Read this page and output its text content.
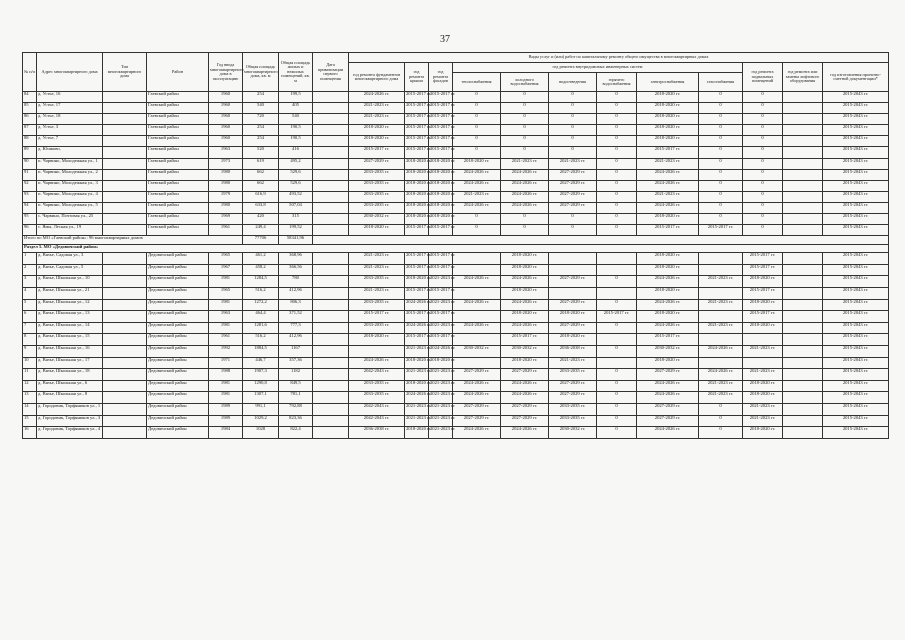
37
№ п/п	Адрес многоквартирного дома	Тип многоквартирного дома	Район	Год ввода многоквартирного дома в эксплуатацию	Общая площадь многоквартирного дома, кв. м	Общая площадь жилых и нежилых помещений, кв. м	Дата приватизации первого помещения	Виды услуг и (или) работ по капитальному ремонту общего имущества в многоквартирных домах											
								год ремонта фундаментов многоквартирного дома	год ремонта крыши	год ремонта фасадов	год ремонта внутридомовых инженерных систем						год ремонта подвальных помещений	год ремонта или замены лифтового оборудования	год изготовления проектно-сметной документации*
											теплоснабжения	холодного водоснабжения	водоотведения	горячего водоснабжения	электроснабжения	газоснабжения			
84	д. Устье, 16		Гаевский район	1960	254	199,5		2024-2026 гг.	2015-2017 гг.	2015-2017 гг.	0	0	0	0	2018-2020 гг.	0	0		2015-2043 гг.
85	д. Устье, 17		Гаевский район	1960	540	405		2021-2023 гг.	2015-2017 гг.	2015-2017 гг.	0	0	0	0	2018-2020 гг.	0	0		2015-2043 гг.
86	д. Устье, 18		Гаевский район	1960	720	540		2021-2023 гг.	2015-2017 гг.	2015-2017 гг.	0	0	0	0	2018-2020 гг.	0	0		2015-2043 гг.
87	д. Устье, 3		Гаевский район	1960	254	190,5		2018-2020 гг.	2015-2017 гг.	2015-2017 гг.	0	0	0	0	2018-2020 гг.	0	0		2015-2043 гг.
88	д. Устье, 7		Гаевский район	1960	254	190,5		2018-2020 гг.	2015-2017 гг.	2015-2017 гг.	0	0	0	0	2018-2020 гг.	0	0		2015-2043 гг.
89	д. Юшково,		Гаевский район	1963	520	416		2015-2017 гг.	2015-2017 гг.	2015-2017 гг.	0	0	0	0	2015-2017 гг.	0	0		2015-2043 гг.
90	п. Чарвино, Молодежная ул., 1		Гаевский район	1973	619	495,2		2027-2029 гг.	2018-2020 гг.	2018-2020 гг.	2018-2020 гг.	2021-2023 гг.	2021-2023 гг.	0	2021-2023 гг.	0	0		2015-2043 гг.
91	п. Чарвино, Молодежная ул., 2		Гаевский район	1980	662	529,6		2033-2035 гг.	2018-2020 гг.	2018-2020 гг.	2024-2026 гг.	2024-2026 гг.	2027-2029 гг.	0	2024-2026 гг.	0	0		2015-2043 гг.
92	п. Чарвино, Молодежная ул., 3		Гаевский район	1980	662	529,6		2033-2035 гг.	2018-2020 гг.	2018-2020 гг.	2024-2026 гг.	2024-2026 гг.	2027-2029 гг.	0	2024-2026 гг.	0	0		2015-2043 гг.
93	п. Чарвино, Молодежная ул., 4		Гаевский район	1979	616,9	493,52		2033-2035 гг.	2018-2020 гг.	2018-2020 гг.	2021-2023 гг.	2024-2026 гг.	2027-2029 гг.	0	2021-2023 гг.	0	0		2015-2043 гг.
94	п. Чарвино, Молодежная ул., 5		Гаевский район	1980	633,8	507,04		2033-2035 гг.	2018-2020 гг.	2018-2020 гг.	2024-2026 гг.	2024-2026 гг.	2027-2029 гг.	0	2024-2026 гг.	0	0		2015-2043 гг.
95	с. Чарвино, Почтовая ул., 25		Гаевский район	1969	420	315		2030-2032 гг.	2018-2020 гг.	2018-2020 гг.	0	0	0	0	2018-2020 гг.	0	0		2015-2043 гг.
96	с. Ямы, Лесная ул., 19		Гаевский район	1961	249,4	199,52		2018-2020 гг.	2015-2017 гг.	2015-2017 гг.	0	0	0	0	2015-2017 гг.	2015-2017 гг.	0		2015-2043 гг.
Итого по МО «Гаевский район»: 96 многоквартирных домов					77706	58341,96													
Раздел 5. МО «Дедовичский район»																			
1	д. Вязье, Садовая ул., 3		Дедовичский район	1965	461,2	368,96		2021-2023 гг.	2015-2017 гг.	2015-2017 гг.		2018-2020 гг.			2018-2020 гг.		2015-2017 гг.		2015-2043 гг.
2	д. Вязье, Садовая ул., 5		Дедовичский район	1967	458,2	366,56		2021-2023 гг.	2015-2017 гг.	2015-2017 гг.		2018-2020 гг.			2018-2020 гг.		2015-2017 гг.		2015-2043 гг.
3	д. Вязье, Школьная ул., 10		Дедовичский район	1981	1284,5	780		2033-2035 гг.	2018-2020 гг.	2021-2023 гг.	2024-2026 гг.	2024-2026 гг.	2027-2029 гг.	0	2024-2026 гг.	2021-2023 гг.	2018-2020 гг.		2015-2043 гг.
4	д. Вязье, Школьная ул., 21		Дедовичский район	1965	516,2	412,96		2021-2023 гг.	2015-2017 гг.	2015-2017 гг.		2018-2020 гг.			2018-2020 гг.		2015-2017 гг.		2015-2043 гг.
5	д. Вязье, Школьная ул., 12		Дедовичский район	1981	1272,2	806,3		2033-2035 гг.	2024-2026 гг.	2021-2023 гг.	2024-2026 гг.	2024-2026 гг.	2027-2029 гг.	0	2024-2026 гг.	2021-2023 гг.	2018-2020 гг.		2015-2043 гг.
6	д. Вязье, Школьная ул., 13		Дедовичский район	1963	464,4	371,52		2015-2017 гг.	2015-2017 гг.	2015-2017 гг.		2018-2020 гг.	2018-2020 гг.	2015-2017 гг.	2018-2020 гг.		2015-2017 гг.		2015-2043 гг.
7	д. Вязье, Школьная ул., 14		Дедовичский район	1981	1281,6	777,3		2033-2035 гг.	2024-2026 гг.	2021-2023 гг.	2024-2026 гг.	2024-2026 гг.	2027-2029 гг.	0	2024-2026 гг.	2021-2023 гг.	2018-2020 гг.		2015-2043 гг.
8	д. Вязье, Школьная ул., 15		Дедовичский район	1961	516,2	412,96		2018-2020 гг.	2015-2017 гг.	2015-2017 гг.		2015-2017 гг.	2018-2020 гг.		2015-2017 гг.				2015-2043 гг.
9	д. Вязье, Школьная ул., 16		Дедовичский район	1992	1884,5	1167			2021-2023 гг.	2024-2026 гг.	2030-2032 гг.	2030-2032 гг.	2036-2038 гг.	0	2030-2032 гг.	2024-2026 гг.	2021-2023 гг.		2015-2043 гг.
10	д. Вязье, Школьная ул., 17		Дедовичский район	1971	446,7	357,36		2024-2026 гг.	2018-2020 гг.	2018-2020 гг.		2018-2020 гг.	2021-2023 гг.		2018-2020 гг.				2015-2043 гг.
11	д. Вязье, Школьная ул., 18		Дедовичский район	1988	1907,3	1182		2042-2043 гг.	2021-2023 гг.	2021-2023 гг.	2027-2029 гг.	2027-2029 гг.	2033-2035 гг.	0	2027-2029 гг.	2024-2026 гг.	2021-2023 гг.		2015-2043 гг.
12	д. Вязье, Школьная ул., 6		Дедовичский район	1981	1290,8	849,5		2033-2035 гг.	2018-2020 гг.	2021-2023 гг.	2024-2026 гг.	2024-2026 гг.	2027-2029 гг.	0	2024-2026 гг.	2021-2023 гг.	2018-2020 гг.		2015-2043 гг.
13	д. Вязье, Школьная ул., 8		Дедовичский район	1981	1307,1	781,1		2033-2035 гг.	2024-2026 гг.	2021-2023 гг.	2024-2026 гг.	2024-2026 гг.	2027-2029 гг.	0	2024-2026 гг.	2021-2023 гг.	2018-2020 гг.		2015-2043 гг.
14	д. Городовик, Торфяников ул., 1		Дедовичский район	1989	991,1	792,88		2042-2043 гг.	2021-2023 гг.	2021-2023 гг.	2027-2029 гг.	2027-2029 гг.	2033-2035 гг.	0	2027-2029 гг.	0	2021-2023 гг.		2015-2043 гг.
15	д. Городовик, Торфяников ул., 3		Дедовичский район	1989	1029,2	823,36		2042-2043 гг.	2021-2023 гг.	2021-2023 гг.	2027-2029 гг.	2027-2029 гг.	2033-2035 гг.	0	2027-2029 гг.	0	2021-2023 гг.		2015-2043 гг.
16	д. Городовик, Торфяников ул., 4		Дедовичский район	1984	1028	822,4		2036-2038 гг.	2018-2020 гг.	2021-2023 гг.	2024-2026 гг.	2024-2026 гг.	2030-2032 гг.	0	2024-2026 гг.	0	2018-2020 гг.		2015-2043 гг.
